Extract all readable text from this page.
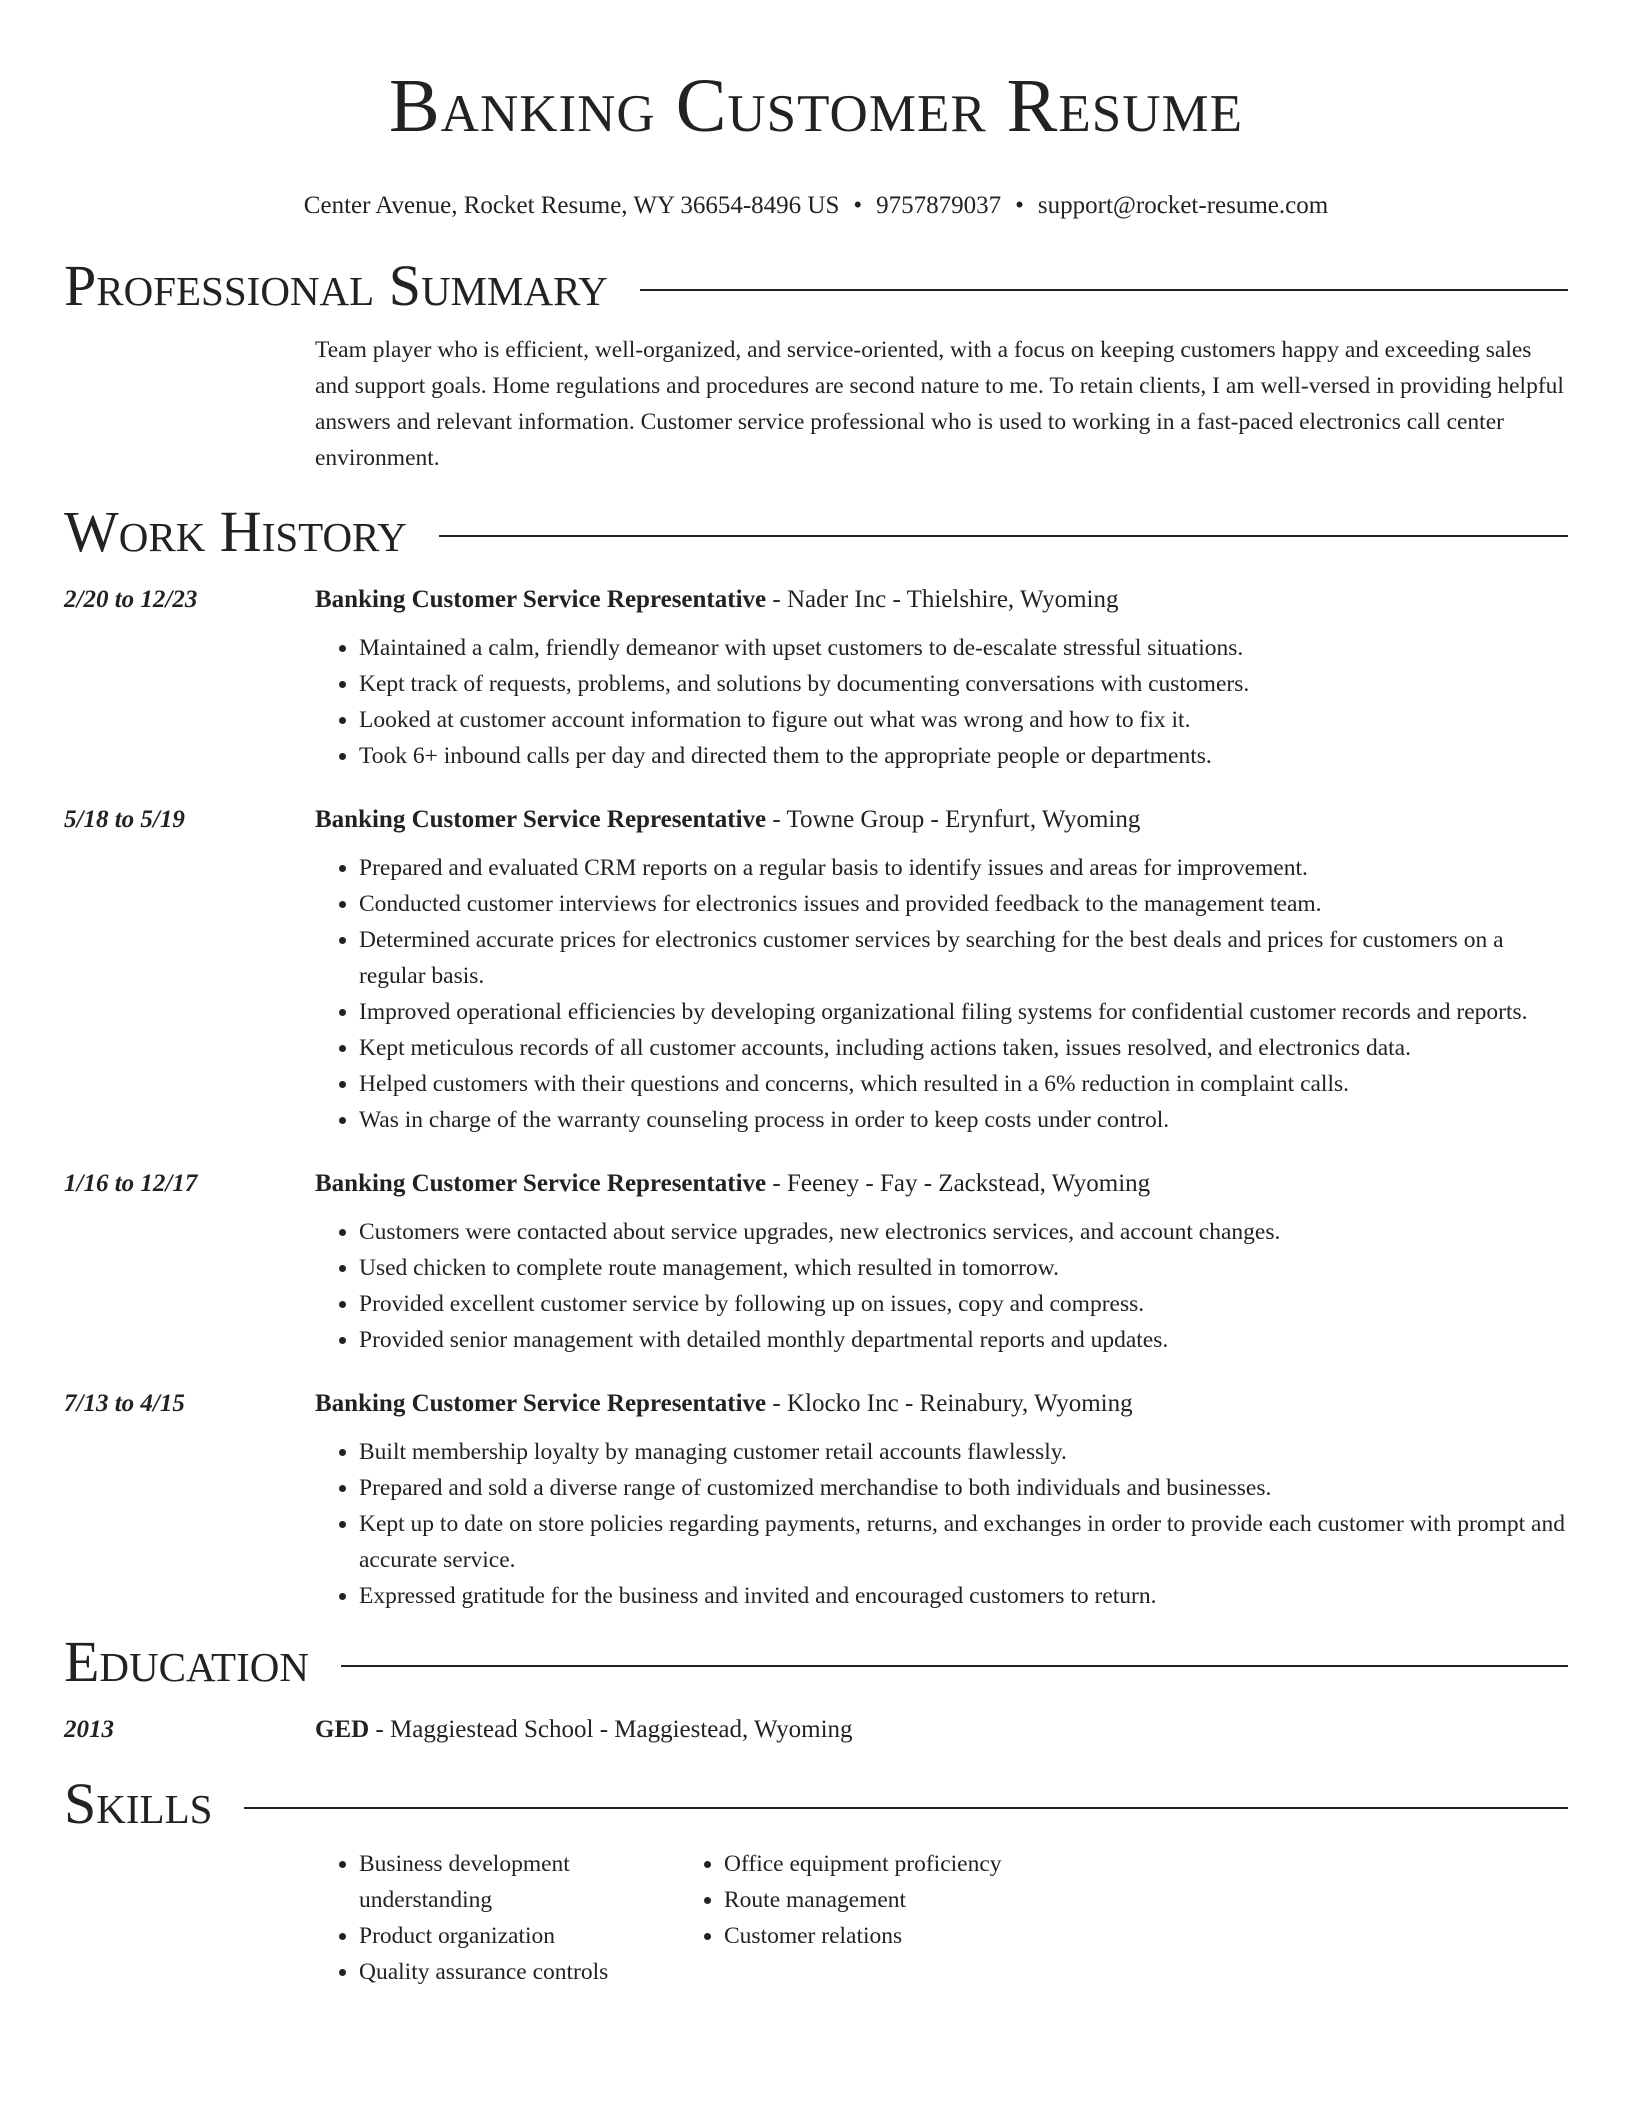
Banking Customer Resume
Center Avenue, Rocket Resume, WY 36654-8496 US • 9757879037 • support@rocket-resume.com
Professional Summary
Team player who is efficient, well-organized, and service-oriented, with a focus on keeping customers happy and exceeding sales and support goals. Home regulations and procedures are second nature to me. To retain clients, I am well-versed in providing helpful answers and relevant information. Customer service professional who is used to working in a fast-paced electronics call center environment.
Work History
2/20 to 12/23	Banking Customer Service Representative - Nader Inc - Thielshire, Wyoming
• Maintained a calm, friendly demeanor with upset customers to de-escalate stressful situations.
• Kept track of requests, problems, and solutions by documenting conversations with customers.
• Looked at customer account information to figure out what was wrong and how to fix it.
• Took 6+ inbound calls per day and directed them to the appropriate people or departments.
5/18 to 5/19	Banking Customer Service Representative - Towne Group - Erynfurt, Wyoming
• Prepared and evaluated CRM reports on a regular basis to identify issues and areas for improvement.
• Conducted customer interviews for electronics issues and provided feedback to the management team.
• Determined accurate prices for electronics customer services by searching for the best deals and prices for customers on a regular basis.
• Improved operational efficiencies by developing organizational filing systems for confidential customer records and reports.
• Kept meticulous records of all customer accounts, including actions taken, issues resolved, and electronics data.
• Helped customers with their questions and concerns, which resulted in a 6% reduction in complaint calls.
• Was in charge of the warranty counseling process in order to keep costs under control.
1/16 to 12/17	Banking Customer Service Representative - Feeney - Fay - Zackstead, Wyoming
• Customers were contacted about service upgrades, new electronics services, and account changes.
• Used chicken to complete route management, which resulted in tomorrow.
• Provided excellent customer service by following up on issues, copy and compress.
• Provided senior management with detailed monthly departmental reports and updates.
7/13 to 4/15	Banking Customer Service Representative - Klocko Inc - Reinabury, Wyoming
• Built membership loyalty by managing customer retail accounts flawlessly.
• Prepared and sold a diverse range of customized merchandise to both individuals and businesses.
• Kept up to date on store policies regarding payments, returns, and exchanges in order to provide each customer with prompt and accurate service.
• Expressed gratitude for the business and invited and encouraged customers to return.
Education
2013	GED - Maggiestead School - Maggiestead, Wyoming
Skills
• Business development understanding
• Product organization
• Quality assurance controls
• Office equipment proficiency
• Route management
• Customer relations
